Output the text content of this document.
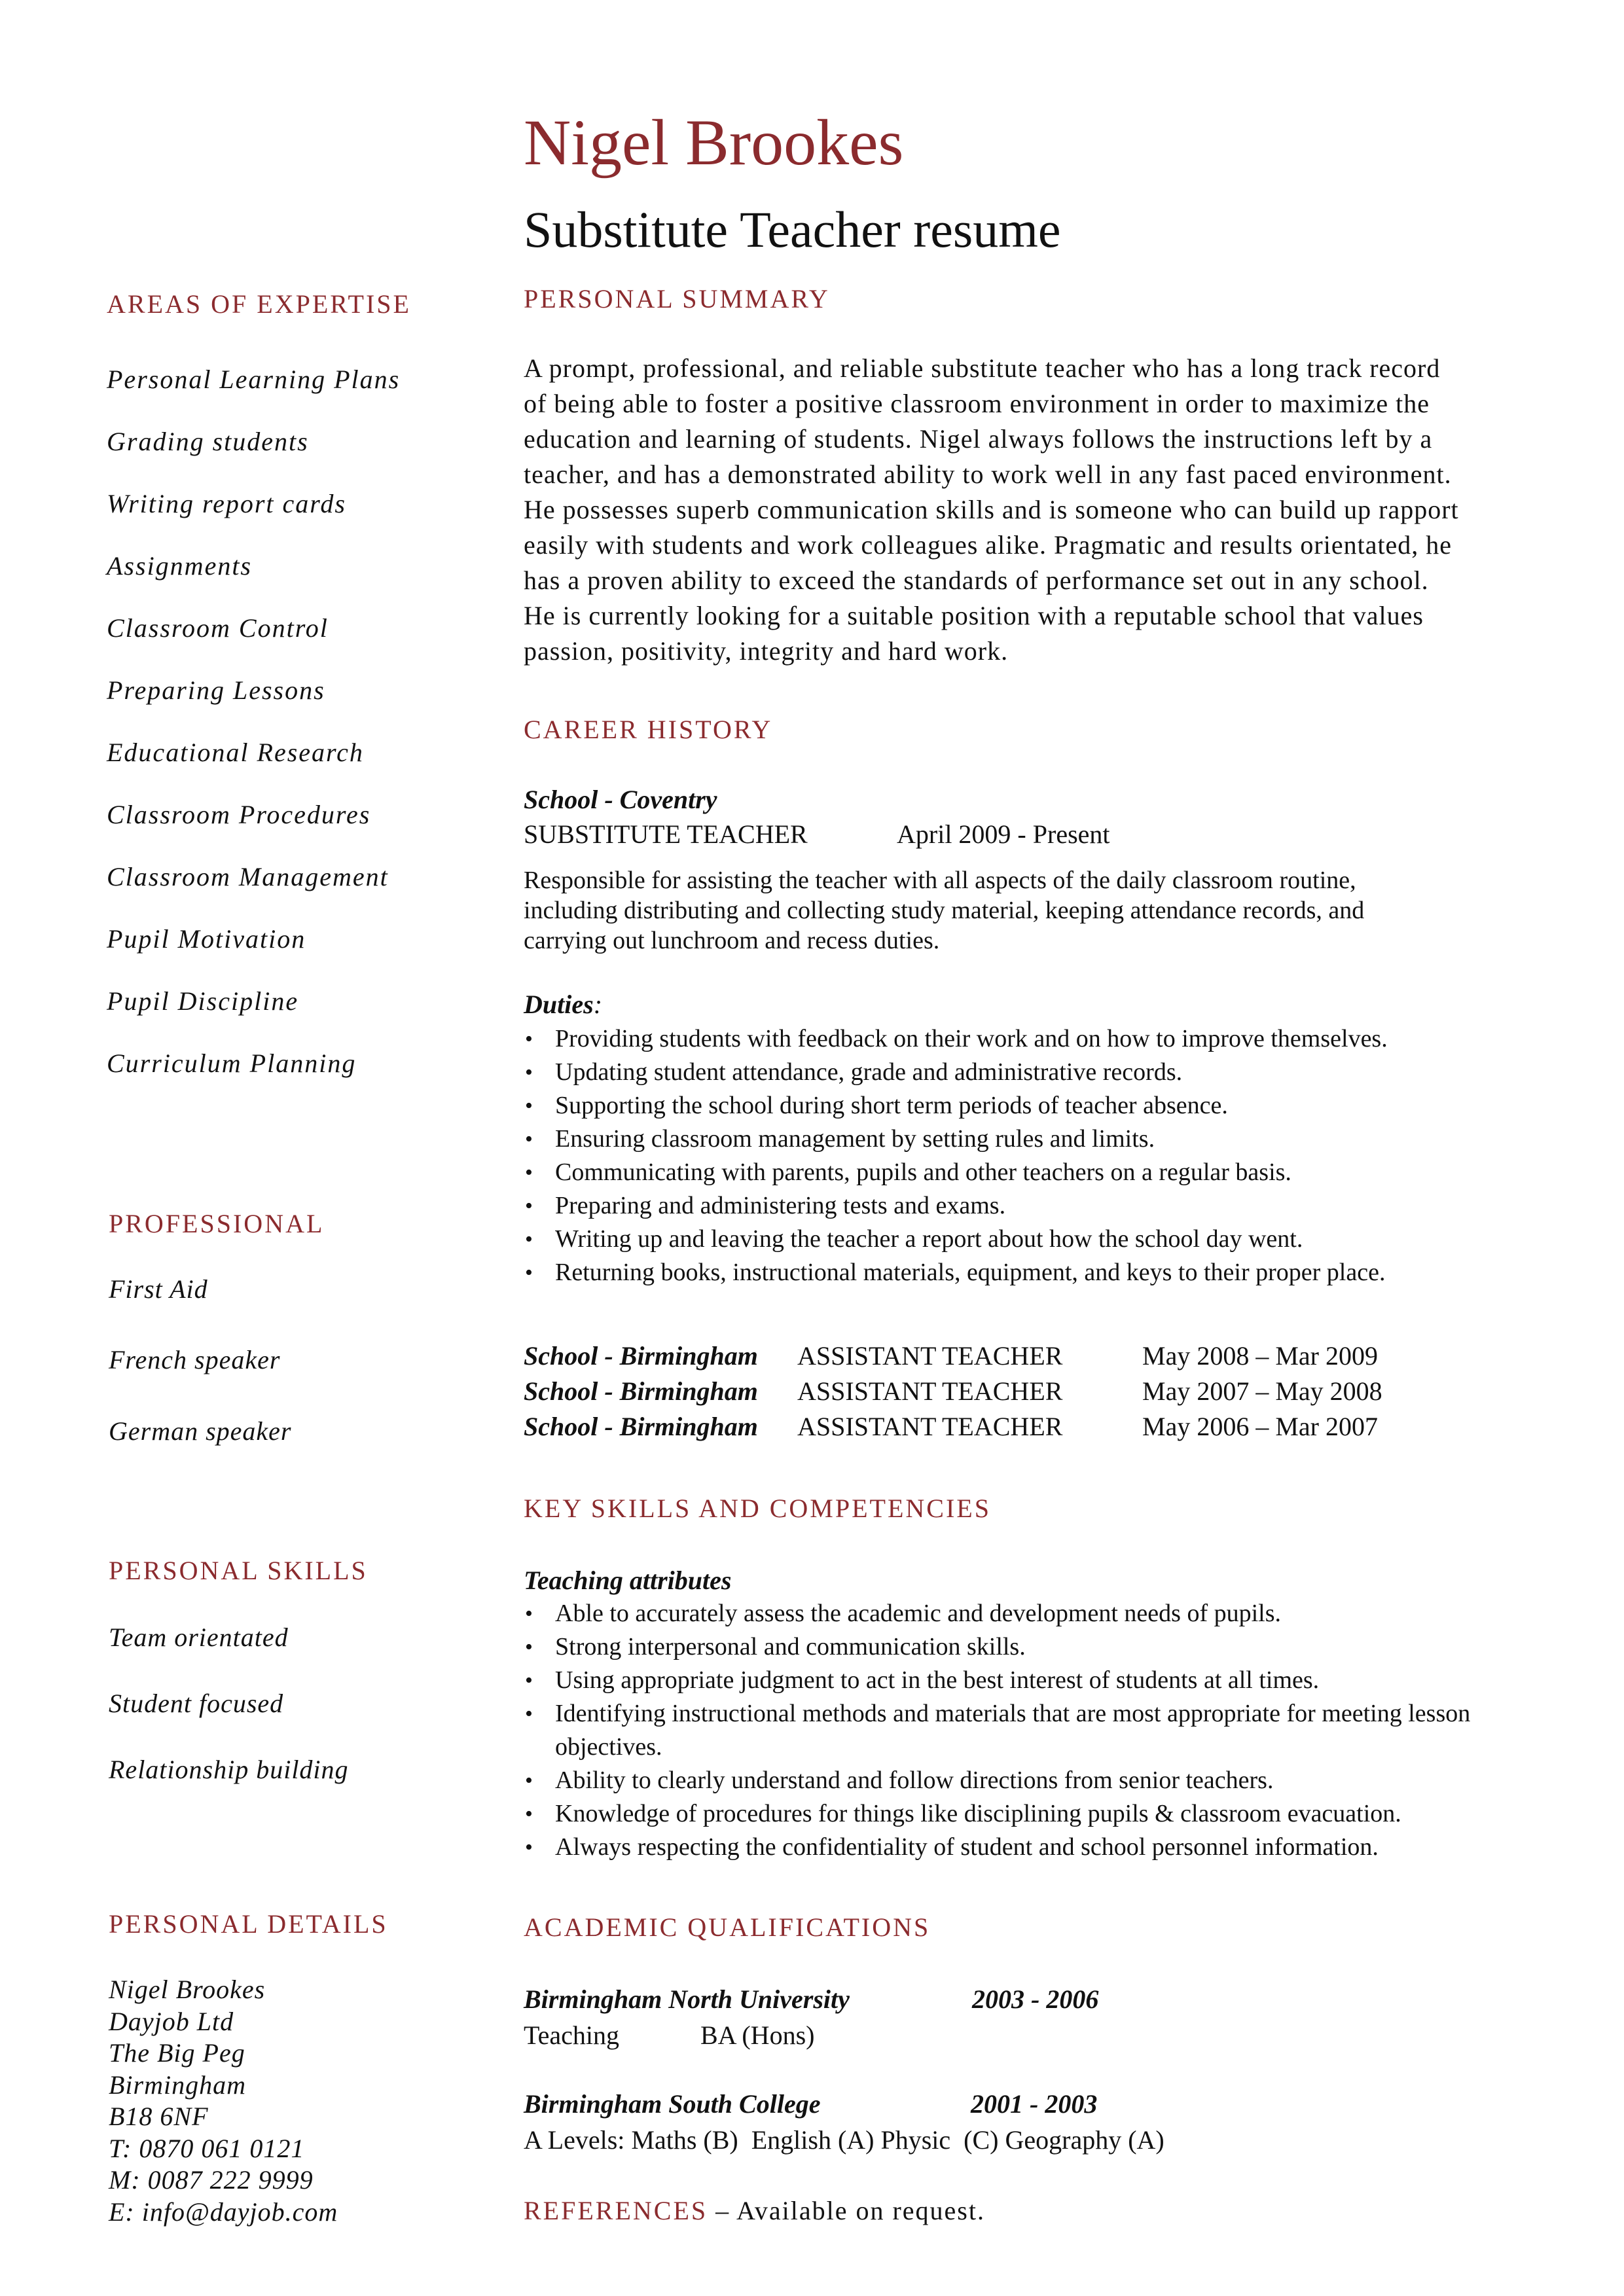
Nigel Brookes
Substitute Teacher resume
AREAS OF EXPERTISE
Personal Learning Plans
Grading students
Writing report cards
Assignments
Classroom Control
Preparing Lessons
Educational Research
Classroom Procedures
Classroom Management
Pupil Motivation
Pupil Discipline
Curriculum Planning
PROFESSIONAL
First Aid
French speaker
German speaker
PERSONAL SKILLS
Team orientated
Student focused
Relationship building
PERSONAL DETAILS
Nigel Brookes
Dayjob Ltd
The Big Peg
Birmingham
B18 6NF
T: 0870 061 0121
M: 0087 222 9999
E: info@dayjob.com
PERSONAL SUMMARY
A prompt, professional, and reliable substitute teacher who has a long track record
of being able to foster a positive classroom environment in order to maximize the
education and learning of students. Nigel always follows the instructions left by a
teacher, and has a demonstrated ability to work well in any fast paced environment.
He possesses superb communication skills and is someone who can build up rapport
easily with students and work colleagues alike. Pragmatic and results orientated, he
has a proven ability to exceed the standards of performance set out in any school.
He is currently looking for a suitable position with a reputable school that values
passion, positivity, integrity and hard work.
CAREER HISTORY
School - Coventry
SUBSTITUTE TEACHER	April 2009 - Present
Responsible for assisting the teacher with all aspects of the daily classroom routine,
including distributing and collecting study material, keeping attendance records, and
carrying out lunchroom and recess duties.
Duties:
• Providing students with feedback on their work and on how to improve themselves.
• Updating student attendance, grade and administrative records.
• Supporting the school during short term periods of teacher absence.
• Ensuring classroom management by setting rules and limits.
• Communicating with parents, pupils and other teachers on a regular basis.
• Preparing and administering tests and exams.
• Writing up and leaving the teacher a report about how the school day went.
• Returning books, instructional materials, equipment, and keys to their proper place.
School - Birmingham ASSISTANT TEACHER	May 2008 – Mar 2009
School - Birmingham ASSISTANT TEACHER	May 2007 – May 2008
School - Birmingham ASSISTANT TEACHER	May 2006 – Mar 2007
KEY SKILLS AND COMPETENCIES
Teaching attributes
• Able to accurately assess the academic and development needs of pupils.
• Strong interpersonal and communication skills.
• Using appropriate judgment to act in the best interest of students at all times.
• Identifying instructional methods and materials that are most appropriate for meeting lesson objectives.
• Ability to clearly understand and follow directions from senior teachers.
• Knowledge of procedures for things like disciplining pupils & classroom evacuation.
• Always respecting the confidentiality of student and school personnel information.
ACADEMIC QUALIFICATIONS
Birmingham North University	2003 - 2006
Teaching	BA (Hons)
Birmingham South College	2001 - 2003
A Levels: Maths (B)  English (A) Physic  (C) Geography (A)
REFERENCES – Available on request.
